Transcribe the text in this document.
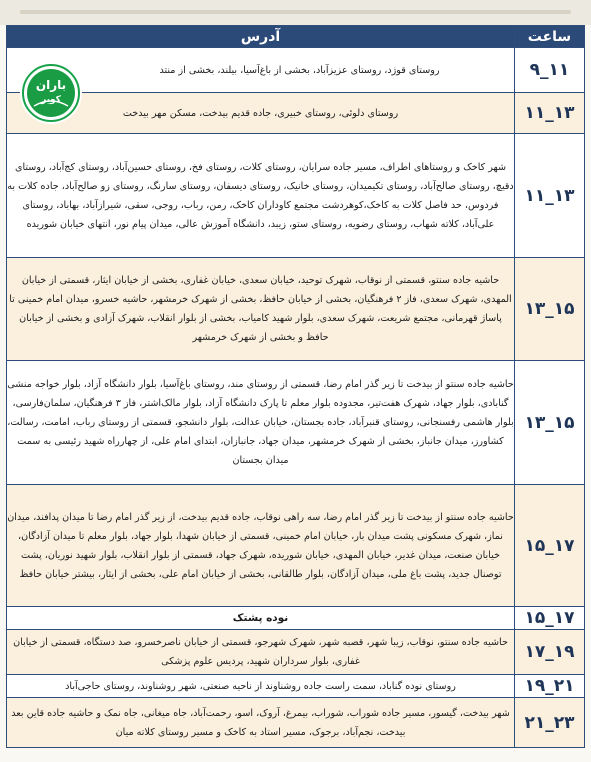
ساعت	آدرس
۹_۱۱	روستای قوژد، روستای عزیزآباد، بخشی از باغ‌آسیا، بیلند، بخشی از منتد
۱۱_۱۳	روستای دلوئی، روستای خبیری، جاده قدیم بیدخت، مسکن مهر بیدخت
۱۱_۱۳	شهر کاخک و روستاهای اطراف، مسیر جاده سرایان، روستای کلات، روستای فخ، روستای حسین‌آباد، روستای کج‌آباد، روستای دقیچ، روستای صالح‌آباد، روستای تکیمیدان، روستای خانیک، روستای دیسفان، روستای سارنگ، روستای زو صالح‌آباد، جاده کلات به فردوس، حد فاصل کلات به کاخک،کوهردشت مجتمع کاوداران کاخک، رمن، رباب، روجی، سقی، شیرازآباد، بهاباد، روستای علی‌آباد، کلاته شهاب، روستای رضویه، روستای ستو، زیبد، دانشگاه آموزش عالی، میدان پیام نور، انتهای خیابان شوریده
۱۳_۱۵	حاشیه جاده سنتو، قسمتی از نوقاب، شهرک توحید، خیابان سعدی، خیابان غفاری، بخشی از خیابان ایثار، قسمتی از خیابان المهدی، شهرک سعدی، فاز ۲ فرهنگیان، بخشی از خیابان حافظ، بخشی از شهرک خرمشهر، حاشیه خسرو، میدان امام خمینی تا پاساژ قهرمانی، مجتمع شریعت، شهرک سعدی، بلوار شهید کامیاب، بخشی از بلوار انقلاب، شهرک آزادی و بخشی از خیابان حافظ و بخشی از شهرک خرمشهر
۱۳_۱۵	حاشیه جاده سنتو از بیدخت تا زیر گذر امام رضا، قسمتی از روستای مند، روستای باغ‌آسیا، بلوار دانشگاه آزاد، بلوار خواجه منشی گنابادی، بلوار جهاد، شهرک هفت‌تیر، مجدوده بلوار معلم تا پارک دانشگاه آزاد، بلوار مالک‌اشتر، فاز ۳ فرهنگیان، سلمان‌فارسی، بلوار هاشمی رفسنجانی، روستای قنبرآباد، جاده بجستان، خیابان عدالت، بلوار دانشجو، قسمتی از روستای رباب، امامت، رسالت، کشاورز، میدان جانباز، بخشی از شهرک خرمشهر، میدان جهاد، جانبازان، ابتدای امام علی، از چهارراه شهید رئیسی به سمت میدان بجستان
۱۵_۱۷	حاشیه جاده سنتو از بیدخت تا زیر گذر امام رضا، سه راهی نوقاب، جاده قدیم بیدخت، از زیر گذر امام رضا تا میدان پدافند، میدان نماز، شهرک مسکونی پشت میدان بار، خیابان امام خمینی، قسمتی از خیابان شهدا، بلوار جهاد، بلوار معلم تا میدان آزادگان، خیابان صنعت، میدان غدیر، خیابان المهدی، خیابان شوریده، شهرک جهاد، قسمتی از بلوار انقلاب، بلوار شهید نوریان، پشت توصنال جدید، پشت باغ ملی، میدان آزادگان، بلوار طالقانی، بخشی از خیابان امام علی، بخشی از ایثار، بیشتر خیابان حافظ
۱۵_۱۷	نوده پشتک
۱۷_۱۹	حاشیه جاده سنتو، نوقاب، زیبا شهر، قصبه شهر، شهرک شهرجو، قسمتی از خیابان ناصرخسرو، صد دستگاه، قسمتی از خیابان غفاری، بلوار سرداران شهید، پردیس علوم پزشکی
۱۹_۲۱	روستای نوده گناباد، سمت راست جاده روشناوند از ناحیه صنعتی، شهر روشناوند، روستای حاجی‌آباد
۲۱_۲۳	شهر بیدخت، گیسور، مسیر جاده شوراب، شوراب، بیمرغ، آروک، اسو، رحمت‌آباد، جاه میغانی، جاه نمک و حاشیه جاده قاین بعد بیدخت، نجم‌آباد، برجوک، مسیر استاد به کاخک و مسیر روستای کلاته میان
باران
کویر
